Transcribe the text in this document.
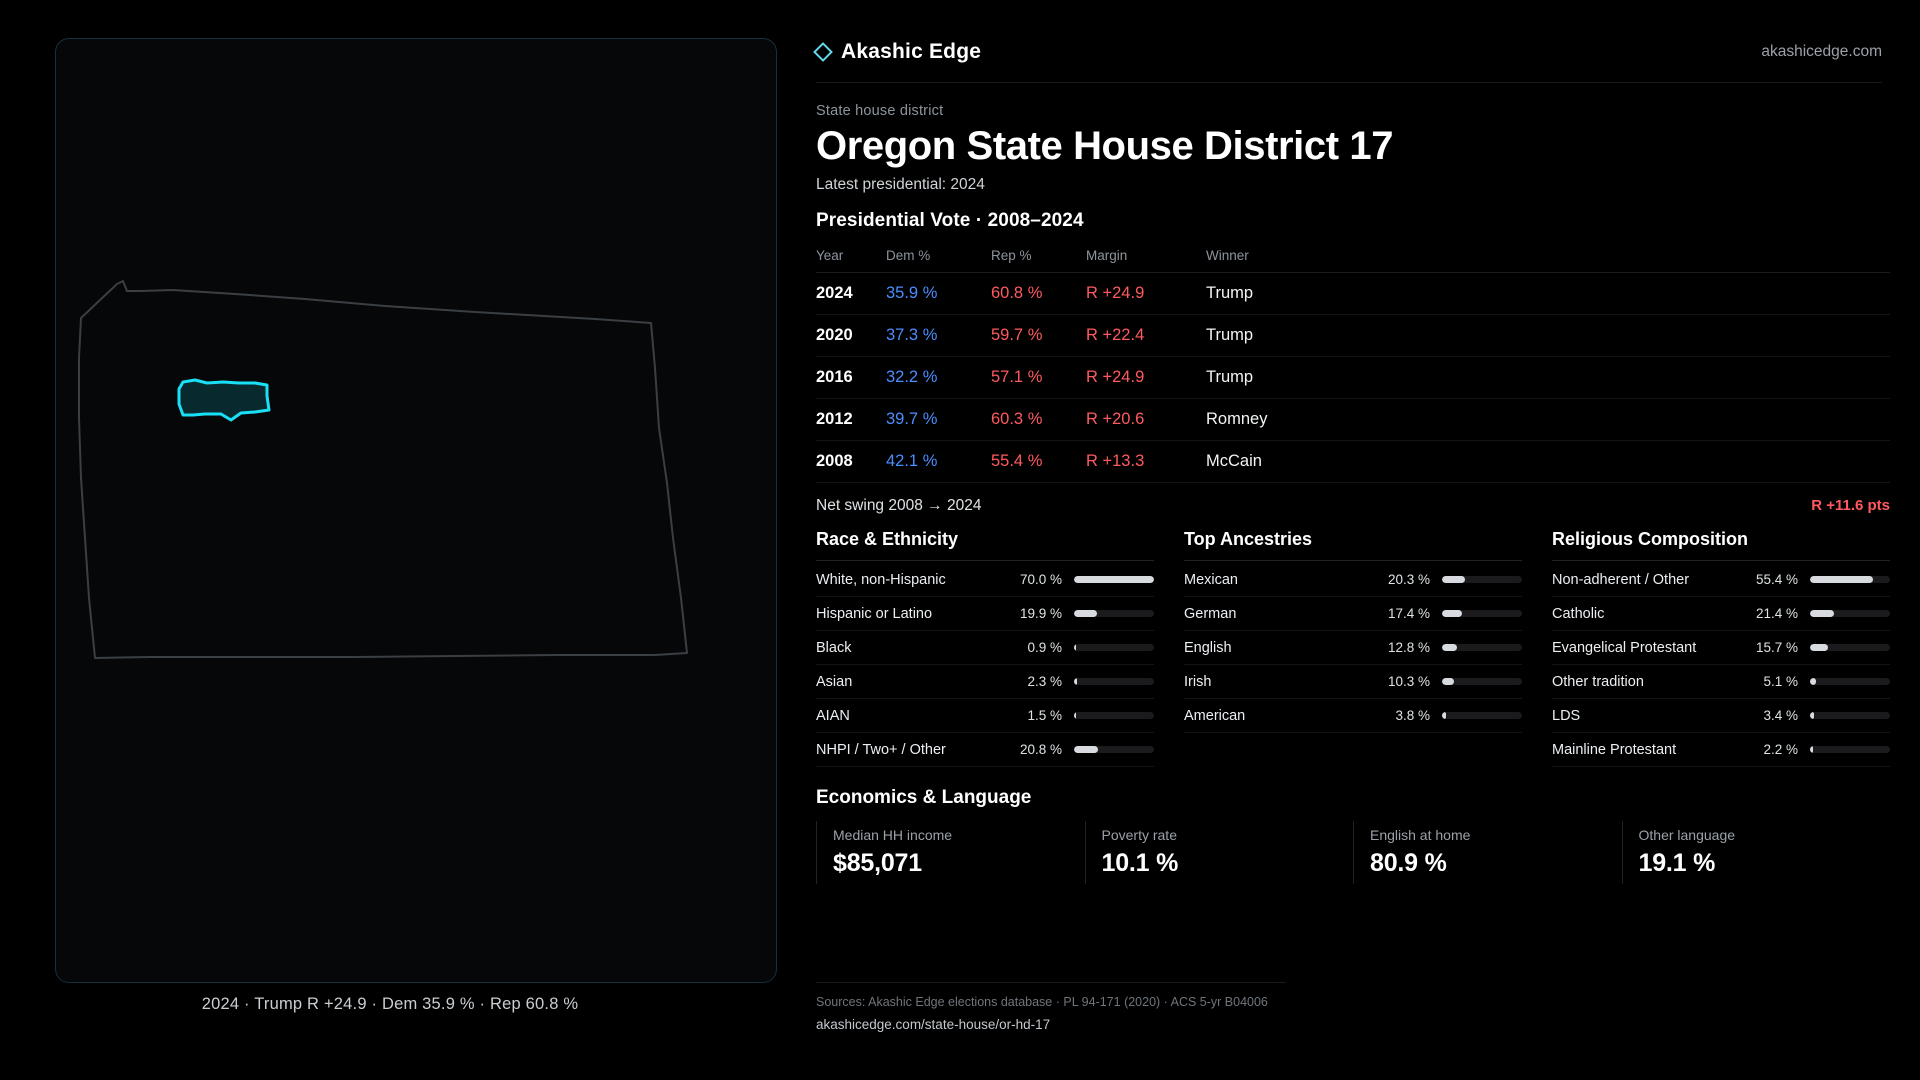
2024 · Trump R +24.9 · Dem 35.9 % · Rep 60.8 %
Akashic Edge	akashicedge.com
State house district
Oregon State House District 17
Latest presidential: 2024
Presidential Vote · 2008–2024
Year	Dem %	Rep %	Margin	Winner
2024	35.9 %	60.8 %	R +24.9	Trump
2020	37.3 %	59.7 %	R +22.4	Trump
2016	32.2 %	57.1 %	R +24.9	Trump
2012	39.7 %	60.3 %	R +20.6	Romney
2008	42.1 %	55.4 %	R +13.3	McCain
Net swing 2008 → 2024	R +11.6 pts
Race & Ethnicity
White, non-Hispanic	70.0 %
Hispanic or Latino	19.9 %
Black	0.9 %
Asian	2.3 %
AIAN	1.5 %
NHPI / Two+ / Other	20.8 %
Top Ancestries
Mexican	20.3 %
German	17.4 %
English	12.8 %
Irish	10.3 %
American	3.8 %
Religious Composition
Non-adherent / Other	55.4 %
Catholic	21.4 %
Evangelical Protestant	15.7 %
Other tradition	5.1 %
LDS	3.4 %
Mainline Protestant	2.2 %
Economics & Language
Median HH income
$85,071
Poverty rate
10.1 %
English at home
80.9 %
Other language
19.1 %
Sources: Akashic Edge elections database · PL 94-171 (2020) · ACS 5-yr B04006
akashicedge.com/state-house/or-hd-17
